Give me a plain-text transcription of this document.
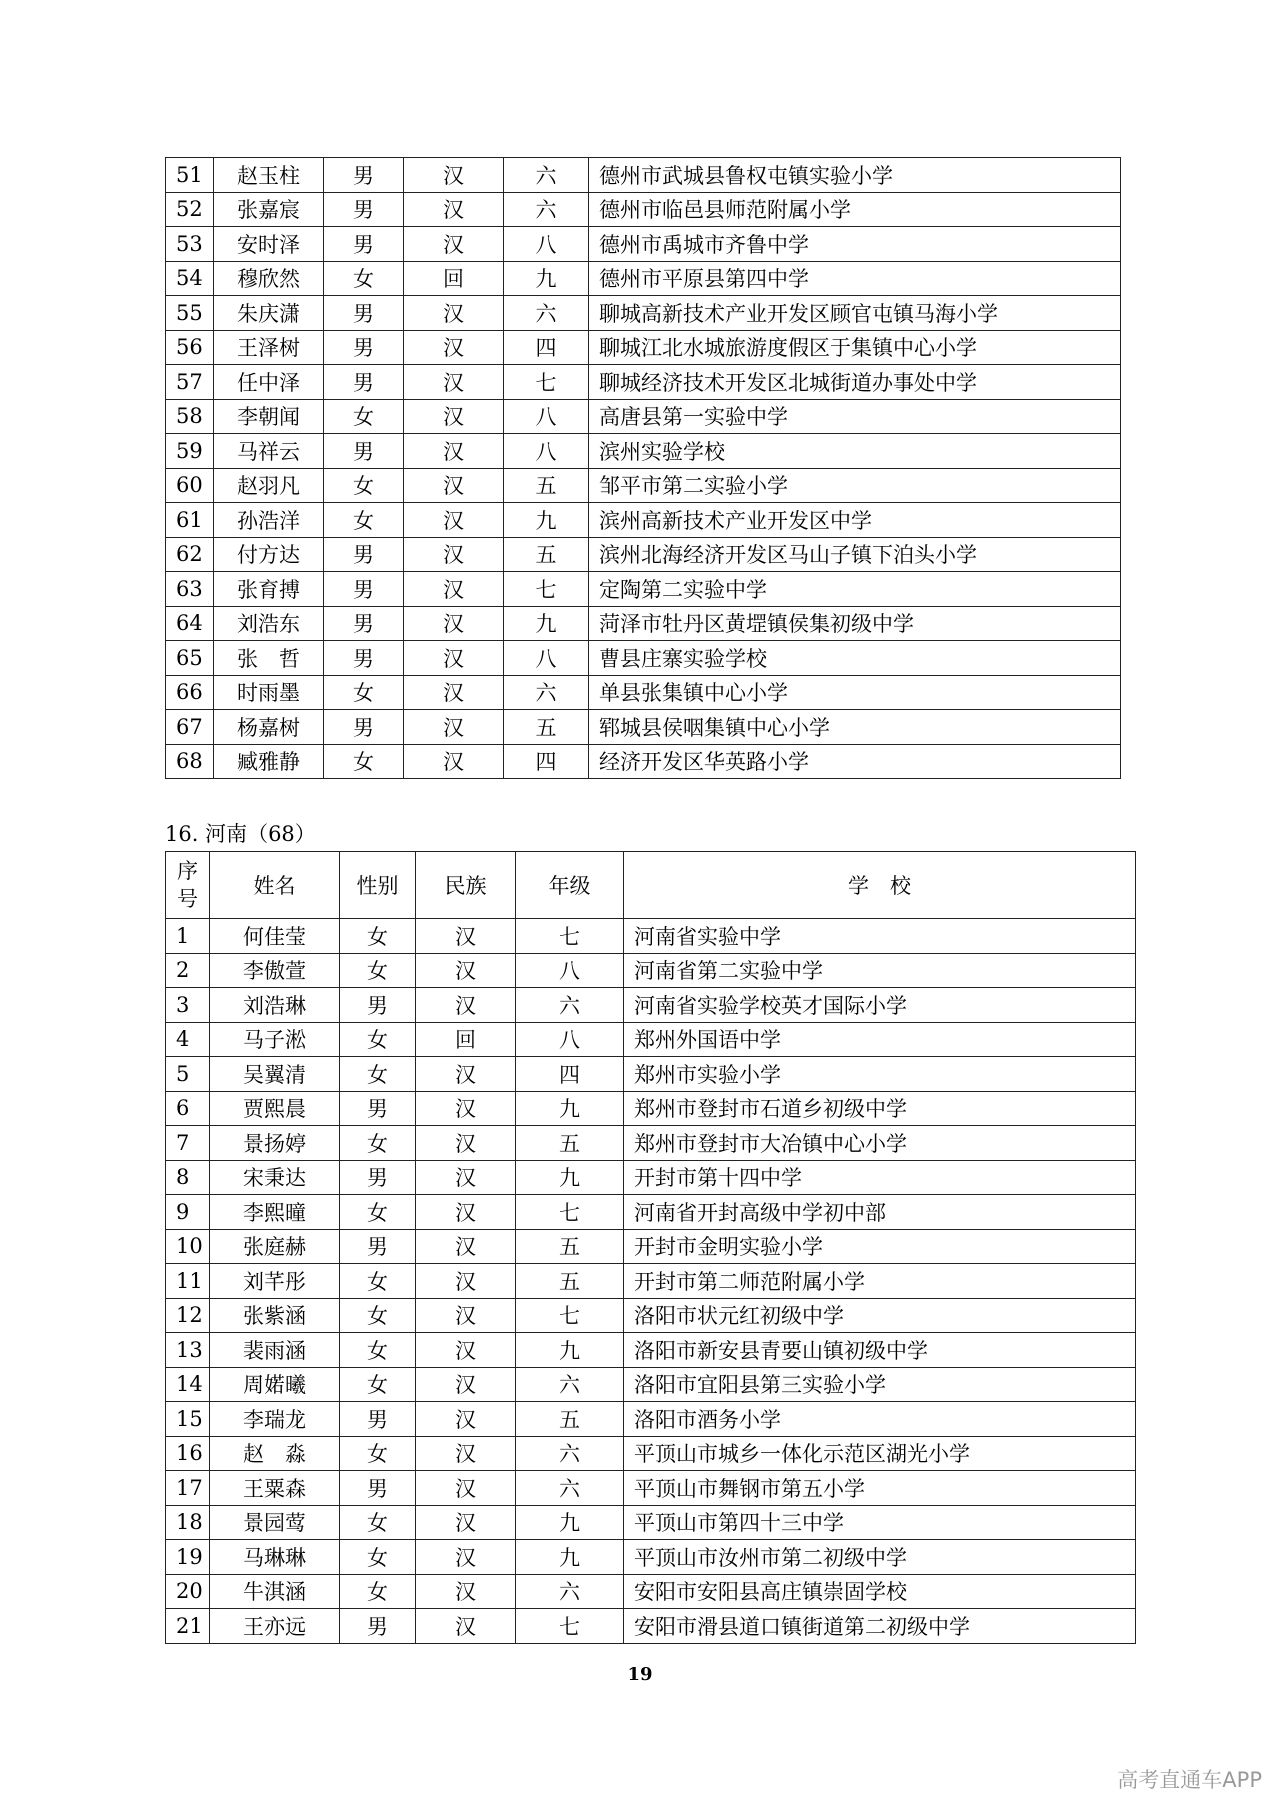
51	赵玉柱	男	汉	六	德州市武城县鲁权屯镇实验小学
52	张嘉宸	男	汉	六	德州市临邑县师范附属小学
53	安时泽	男	汉	八	德州市禹城市齐鲁中学
54	穆欣然	女	回	九	德州市平原县第四中学
55	朱庆潇	男	汉	六	聊城高新技术产业开发区顾官屯镇马海小学
56	王泽树	男	汉	四	聊城江北水城旅游度假区于集镇中心小学
57	任中泽	男	汉	七	聊城经济技术开发区北城街道办事处中学
58	李朝闻	女	汉	八	高唐县第一实验中学
59	马祥云	男	汉	八	滨州实验学校
60	赵羽凡	女	汉	五	邹平市第二实验小学
61	孙浩洋	女	汉	九	滨州高新技术产业开发区中学
62	付方达	男	汉	五	滨州北海经济开发区马山子镇下泊头小学
63	张育搏	男	汉	七	定陶第二实验中学
64	刘浩东	男	汉	九	菏泽市牡丹区黄堽镇侯集初级中学
65	张　哲	男	汉	八	曹县庄寨实验学校
66	时雨墨	女	汉	六	单县张集镇中心小学
67	杨嘉树	男	汉	五	郓城县侯咽集镇中心小学
68	臧雅静	女	汉	四	经济开发区华英路小学
16. 河南（68）
序
号	姓名	性别	民族	年级	学　校
1	何佳莹	女	汉	七	河南省实验中学
2	李傲萱	女	汉	八	河南省第二实验中学
3	刘浩琳	男	汉	六	河南省实验学校英才国际小学
4	马子淞	女	回	八	郑州外国语中学
5	吴翼清	女	汉	四	郑州市实验小学
6	贾熙晨	男	汉	九	郑州市登封市石道乡初级中学
7	景扬婷	女	汉	五	郑州市登封市大冶镇中心小学
8	宋秉达	男	汉	九	开封市第十四中学
9	李熙曈	女	汉	七	河南省开封高级中学初中部
10	张庭赫	男	汉	五	开封市金明实验小学
11	刘芊彤	女	汉	五	开封市第二师范附属小学
12	张紫涵	女	汉	七	洛阳市状元红初级中学
13	裴雨涵	女	汉	九	洛阳市新安县青要山镇初级中学
14	周婼曦	女	汉	六	洛阳市宜阳县第三实验小学
15	李瑞龙	男	汉	五	洛阳市酒务小学
16	赵　淼	女	汉	六	平顶山市城乡一体化示范区湖光小学
17	王粟森	男	汉	六	平顶山市舞钢市第五小学
18	景园莺	女	汉	九	平顶山市第四十三中学
19	马琳琳	女	汉	九	平顶山市汝州市第二初级中学
20	牛淇涵	女	汉	六	安阳市安阳县高庄镇崇固学校
21	王亦远	男	汉	七	安阳市滑县道口镇街道第二初级中学
19
高考直通车APP
